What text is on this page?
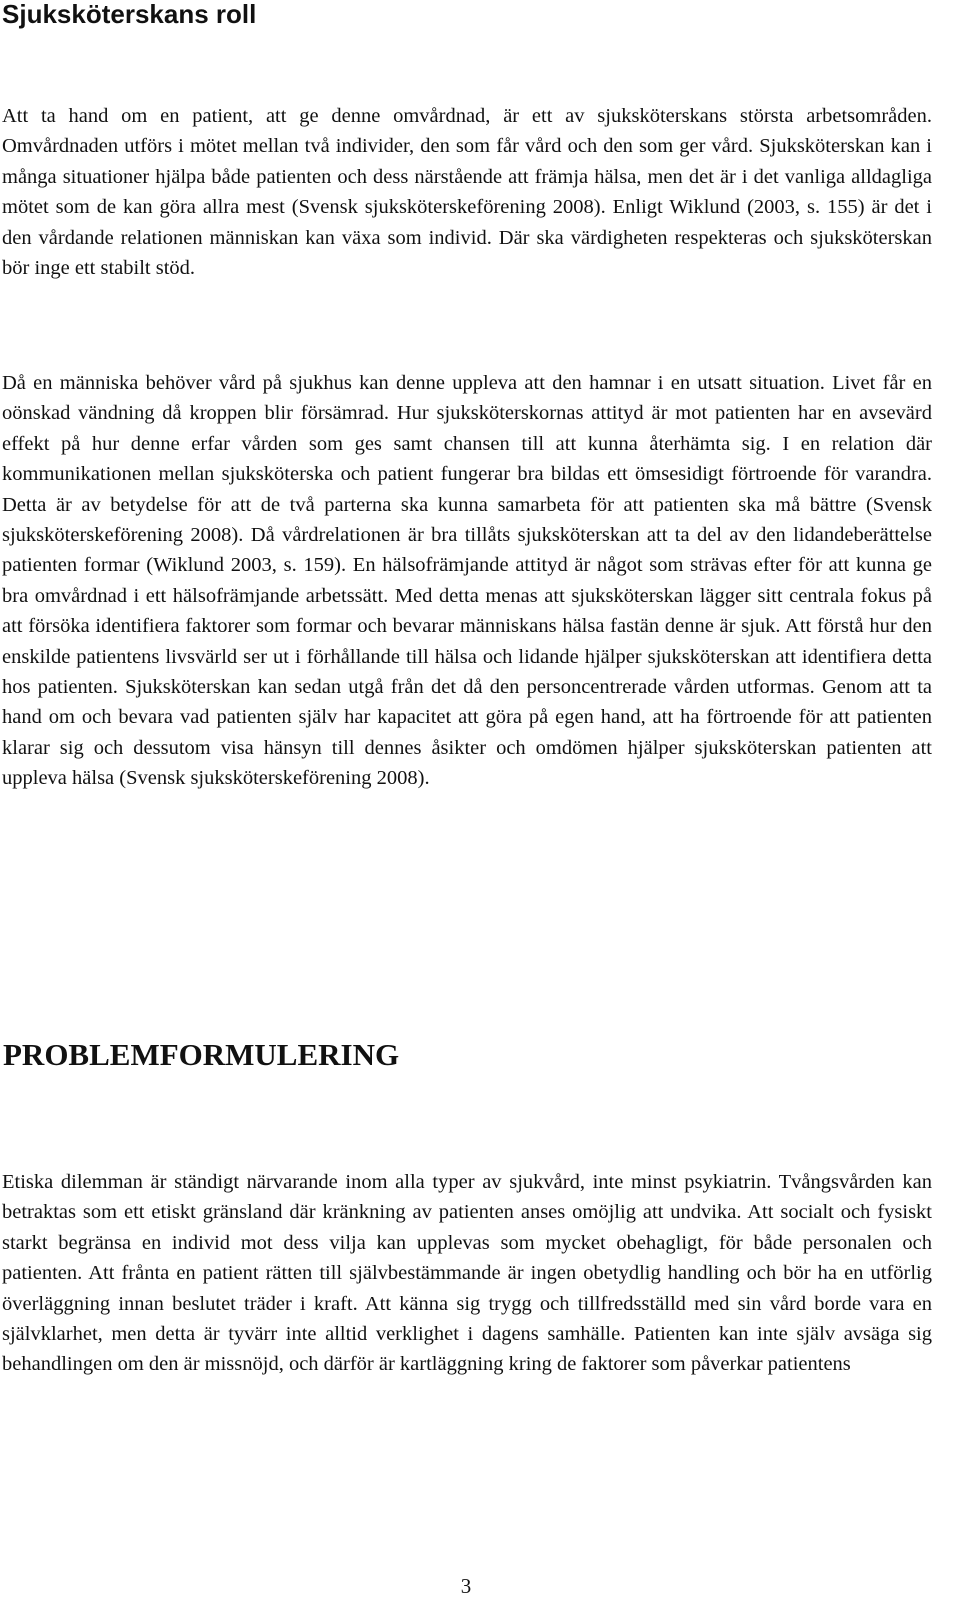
Sjuksköterskans roll

Att ta hand om en patient, att ge denne omvårdnad, är ett av sjuksköterskans största arbetsområden. Omvårdnaden utförs i mötet mellan två individer, den som får vård och den som ger vård. Sjuksköterskan kan i många situationer hjälpa både patienten och dess närstående att främja hälsa, men det är i det vanliga alldagliga mötet som de kan göra allra mest (Svensk sjuksköterskeförening 2008). Enligt Wiklund (2003, s. 155) är det i den vårdande relationen människan kan växa som individ. Där ska värdigheten respekteras och sjuksköterskan bör inge ett stabilt stöd.

Då en människa behöver vård på sjukhus kan denne uppleva att den hamnar i en utsatt situation. Livet får en oönskad vändning då kroppen blir försämrad. Hur sjuksköterskornas attityd är mot patienten har en avsevärd effekt på hur denne erfar vården som ges samt chansen till att kunna återhämta sig. I en relation där kommunikationen mellan sjuksköterska och patient fungerar bra bildas ett ömsesidigt förtroende för varandra. Detta är av betydelse för att de två parterna ska kunna samarbeta för att patienten ska må bättre (Svensk sjuksköterskeförening 2008). Då vårdrelationen är bra tillåts sjuksköterskan att ta del av den lidandeberättelse patienten formar (Wiklund 2003, s. 159). En hälsofrämjande attityd är något som strävas efter för att kunna ge bra omvårdnad i ett hälsofrämjande arbetssätt. Med detta menas att sjuksköterskan lägger sitt centrala fokus på att försöka identifiera faktorer som formar och bevarar människans hälsa fastän denne är sjuk. Att förstå hur den enskilde patientens livsvärld ser ut i förhållande till hälsa och lidande hjälper sjuksköterskan att identifiera detta hos patienten. Sjuksköterskan kan sedan utgå från det då den personcentrerade vården utformas. Genom att ta hand om och bevara vad patienten själv har kapacitet att göra på egen hand, att ha förtroende för att patienten klarar sig och dessutom visa hänsyn till dennes åsikter och omdömen hjälper sjuksköterskan patienten att uppleva hälsa (Svensk sjuksköterskeförening 2008).

PROBLEMFORMULERING

Etiska dilemman är ständigt närvarande inom alla typer av sjukvård, inte minst psykiatrin. Tvångsvården kan betraktas som ett etiskt gränsland där kränkning av patienten anses omöjlig att undvika. Att socialt och fysiskt starkt begränsa en individ mot dess vilja kan upplevas som mycket obehagligt, för både personalen och patienten. Att frånta en patient rätten till självbestämmande är ingen obetydlig handling och bör ha en utförlig överläggning innan beslutet träder i kraft. Att känna sig trygg och tillfredsställd med sin vård borde vara en självklarhet, men detta är tyvärr inte alltid verklighet i dagens samhälle. Patienten kan inte själv avsäga sig behandlingen om den är missnöjd, och därför är kartläggning kring de faktorer som påverkar patientens

3
